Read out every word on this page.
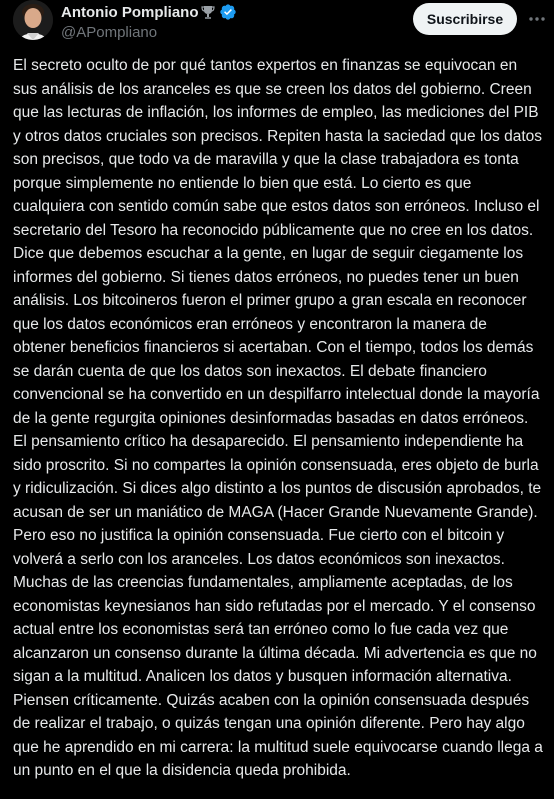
Antonio Pompliano
@APompliano
Suscribirse

El secreto oculto de por qué tantos expertos en finanzas se equivocan en sus análisis de los aranceles es que se creen los datos del gobierno. Creen que las lecturas de inflación, los informes de empleo, las mediciones del PIB y otros datos cruciales son precisos. Repiten hasta la saciedad que los datos son precisos, que todo va de maravilla y que la clase trabajadora es tonta porque simplemente no entiende lo bien que está. Lo cierto es que cualquiera con sentido común sabe que estos datos son erróneos. Incluso el secretario del Tesoro ha reconocido públicamente que no cree en los datos. Dice que debemos escuchar a la gente, en lugar de seguir ciegamente los informes del gobierno. Si tienes datos erróneos, no puedes tener un buen análisis. Los bitcoineros fueron el primer grupo a gran escala en reconocer que los datos económicos eran erróneos y encontraron la manera de obtener beneficios financieros si acertaban. Con el tiempo, todos los demás se darán cuenta de que los datos son inexactos. El debate financiero convencional se ha convertido en un despilfarro intelectual donde la mayoría de la gente regurgita opiniones desinformadas basadas en datos erróneos. El pensamiento crítico ha desaparecido. El pensamiento independiente ha sido proscrito. Si no compartes la opinión consensuada, eres objeto de burla y ridiculización. Si dices algo distinto a los puntos de discusión aprobados, te acusan de ser un maniático de MAGA (Hacer Grande Nuevamente Grande). Pero eso no justifica la opinión consensuada. Fue cierto con el bitcoin y volverá a serlo con los aranceles. Los datos económicos son inexactos. Muchas de las creencias fundamentales, ampliamente aceptadas, de los economistas keynesianos han sido refutadas por el mercado. Y el consenso actual entre los economistas será tan erróneo como lo fue cada vez que alcanzaron un consenso durante la última década. Mi advertencia es que no sigan a la multitud. Analicen los datos y busquen información alternativa. Piensen críticamente. Quizás acaben con la opinión consensuada después de realizar el trabajo, o quizás tengan una opinión diferente. Pero hay algo que he aprendido en mi carrera: la multitud suele equivocarse cuando llega a un punto en el que la disidencia queda prohibida.
